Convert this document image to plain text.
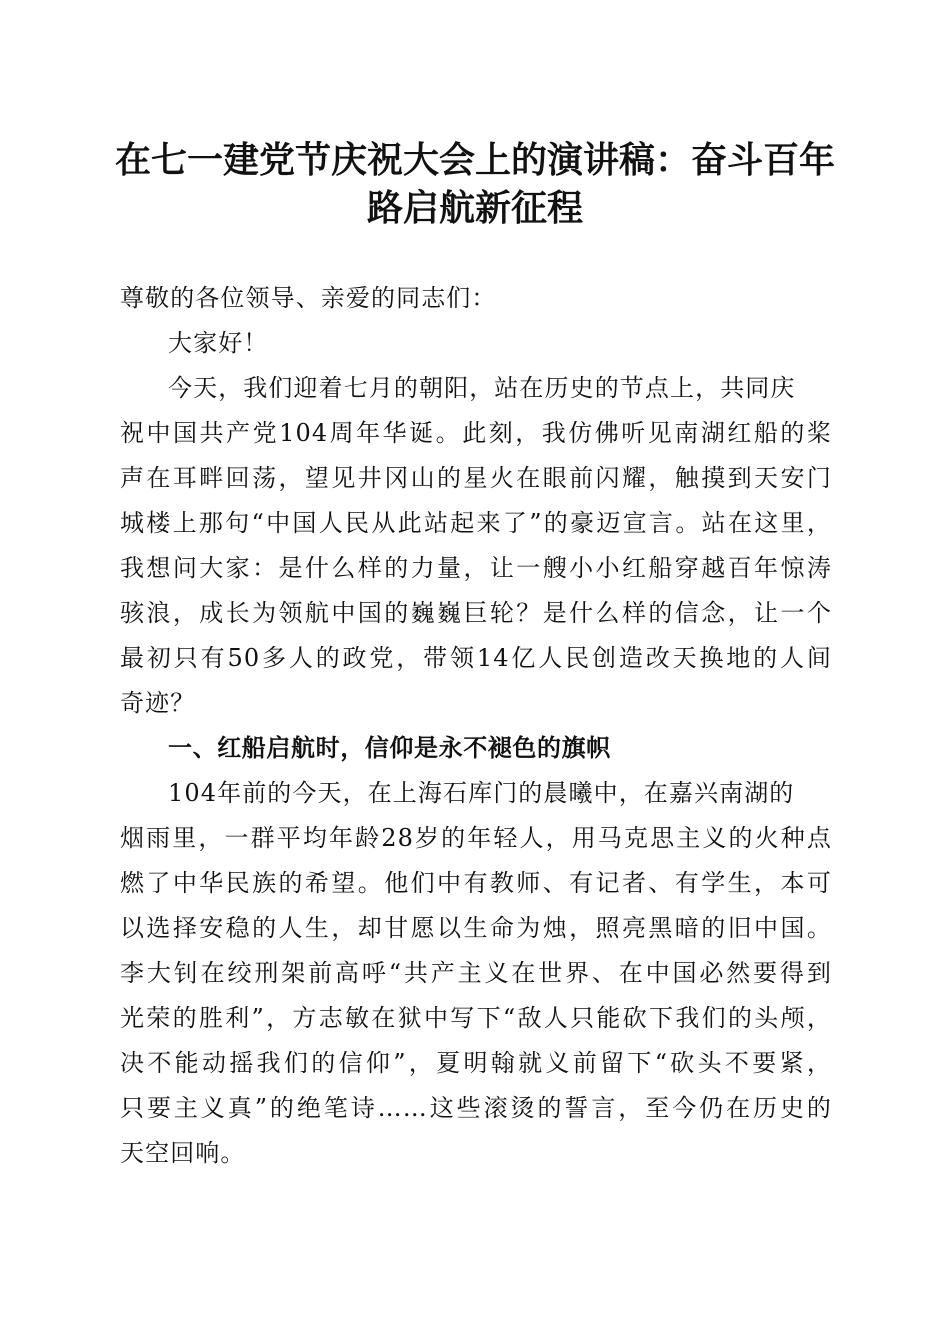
在七一建党节庆祝大会上的演讲稿：奋斗百年
路启航新征程

尊敬的各位领导、亲爱的同志们：

大家好！

今天，我们迎着七月的朝阳，站在历史的节点上，共同庆

祝中国共产党104周年华诞。此刻，我仿佛听见南湖红船的桨

声在耳畔回荡，望见井冈山的星火在眼前闪耀，触摸到天安门

城楼上那句“中国人民从此站起来了”的豪迈宣言。站在这里，

我想问大家：是什么样的力量，让一艘小小红船穿越百年惊涛

骇浪，成长为领航中国的巍巍巨轮？是什么样的信念，让一个

最初只有50多人的政党，带领14亿人民创造改天换地的人间

奇迹？

一、红船启航时，信仰是永不褪色的旗帜

104年前的今天，在上海石库门的晨曦中，在嘉兴南湖的

烟雨里，一群平均年龄28岁的年轻人，用马克思主义的火种点

燃了中华民族的希望。他们中有教师、有记者、有学生，本可

以选择安稳的人生，却甘愿以生命为烛，照亮黑暗的旧中国。

李大钊在绞刑架前高呼“共产主义在世界、在中国必然要得到

光荣的胜利”，方志敏在狱中写下“敌人只能砍下我们的头颅，

决不能动摇我们的信仰”，夏明翰就义前留下“砍头不要紧，

只要主义真”的绝笔诗……这些滚烫的誓言，至今仍在历史的

天空回响。
